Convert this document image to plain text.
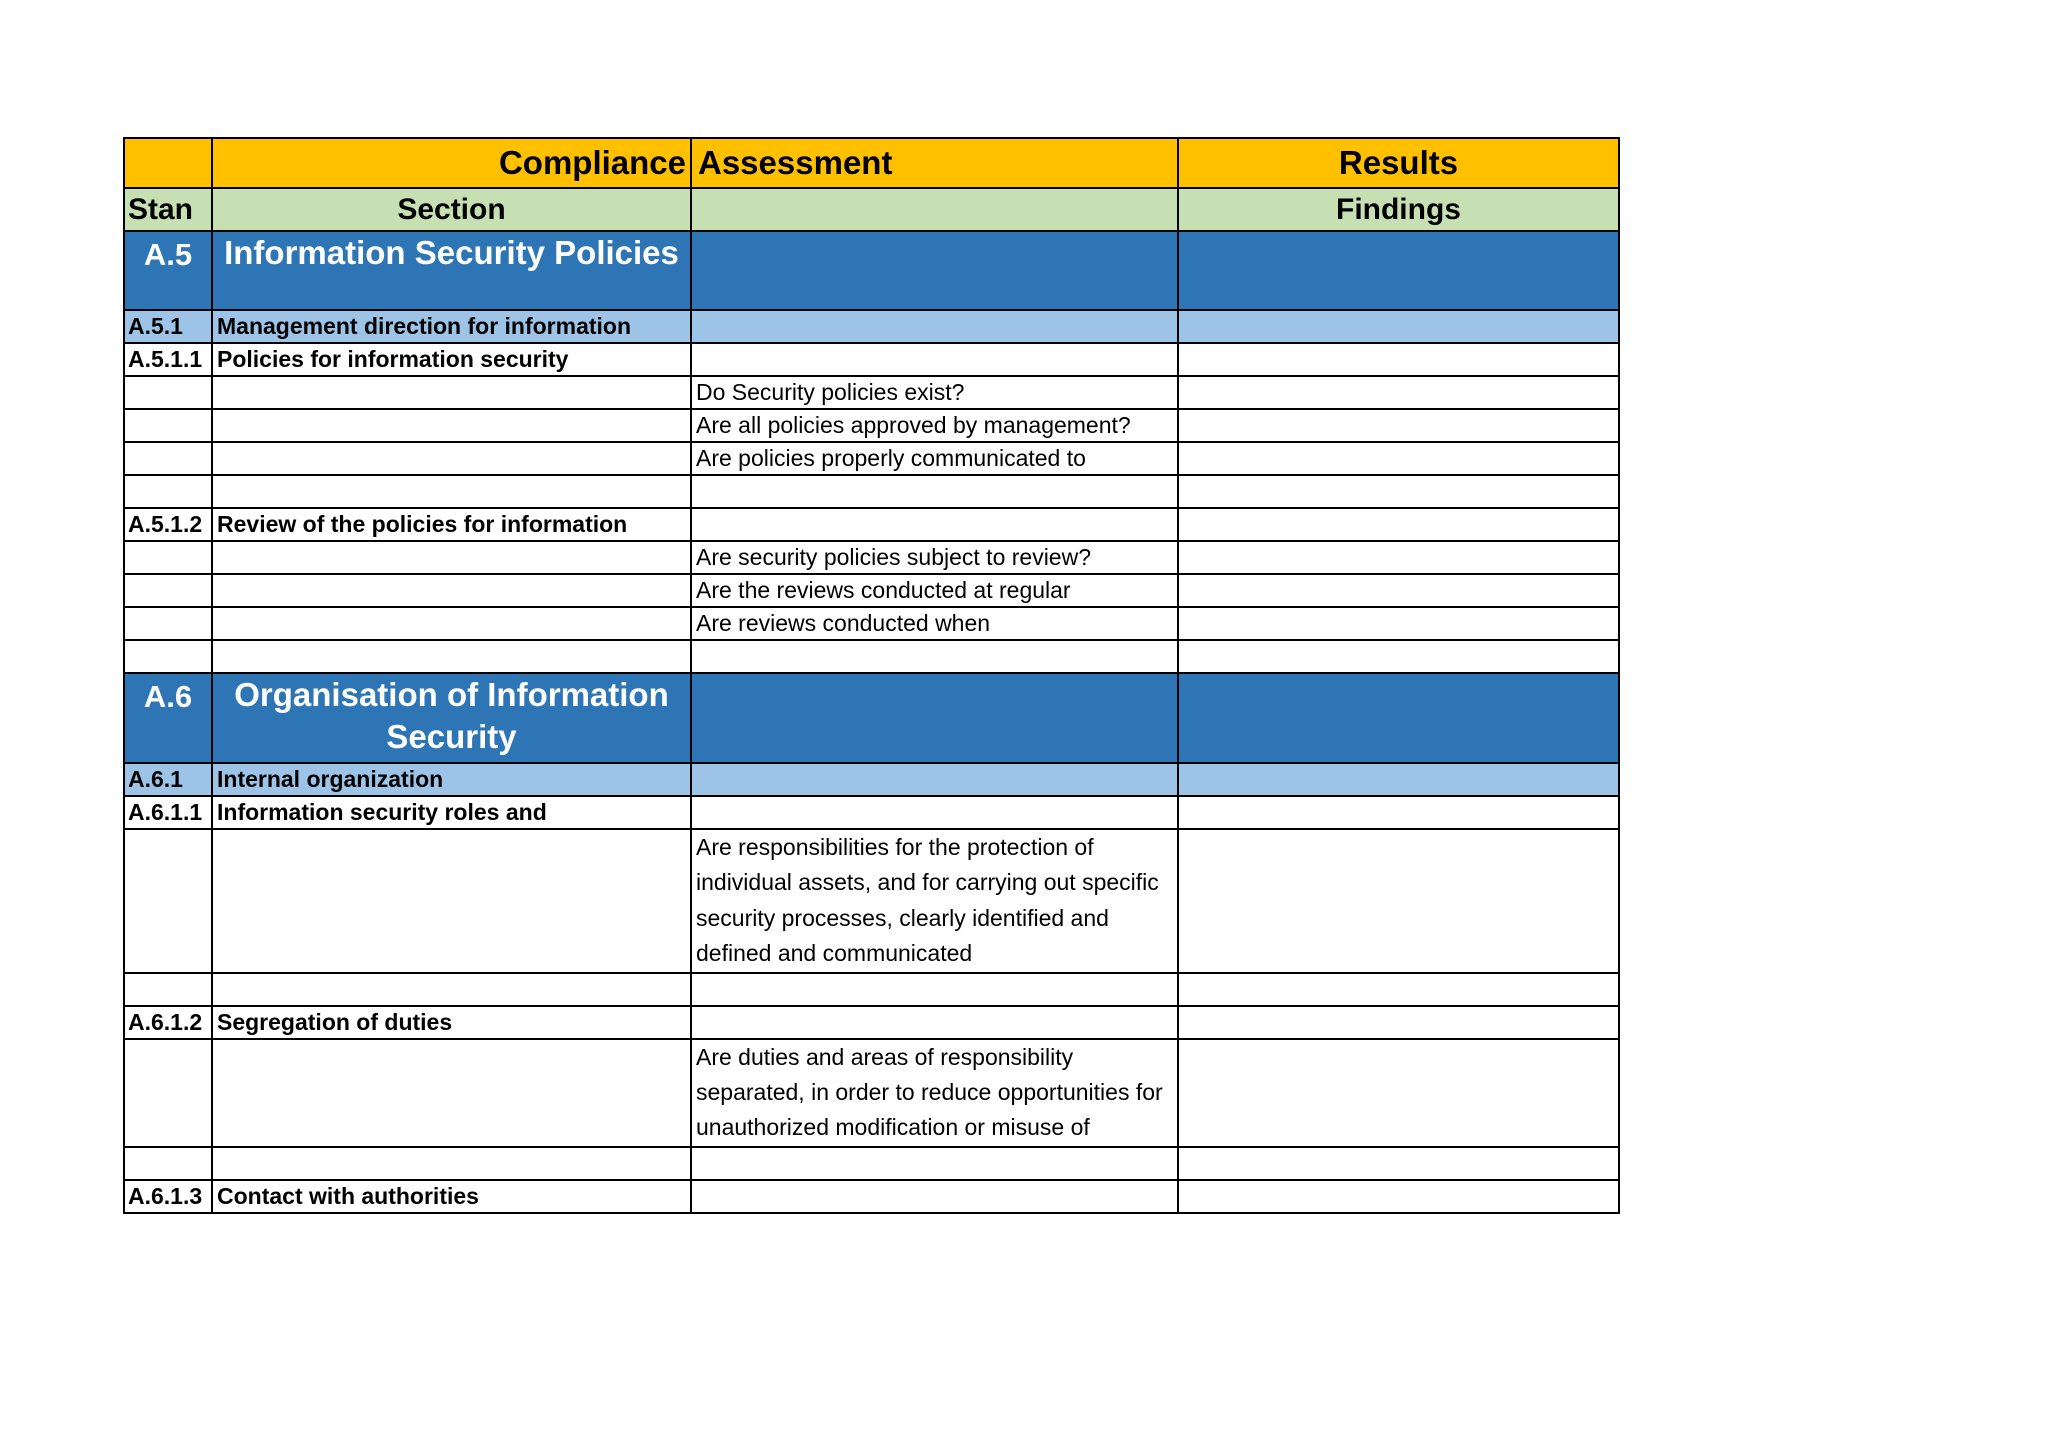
	Compliance	Assessment	Results
Stan	Section		Findings
A.5	Information Security Policies		
A.5.1	Management direction for information		
A.5.1.1	Policies for information security		
		Do Security policies exist?	
		Are all policies approved by management?	
		Are policies properly communicated to	

A.5.1.2	Review of the policies for information		
		Are security policies subject to review?	
		Are the reviews conducted at regular	
		Are reviews conducted when	

A.6	Organisation of Information Security		
A.6.1	Internal organization		
A.6.1.1	Information security roles and		
		Are responsibilities for the protection of individual assets, and for carrying out specific security processes, clearly identified and defined and communicated	

A.6.1.2	Segregation of duties		
		Are duties and areas of responsibility separated, in order to reduce opportunities for unauthorized modification or misuse of	

A.6.1.3	Contact with authorities		
